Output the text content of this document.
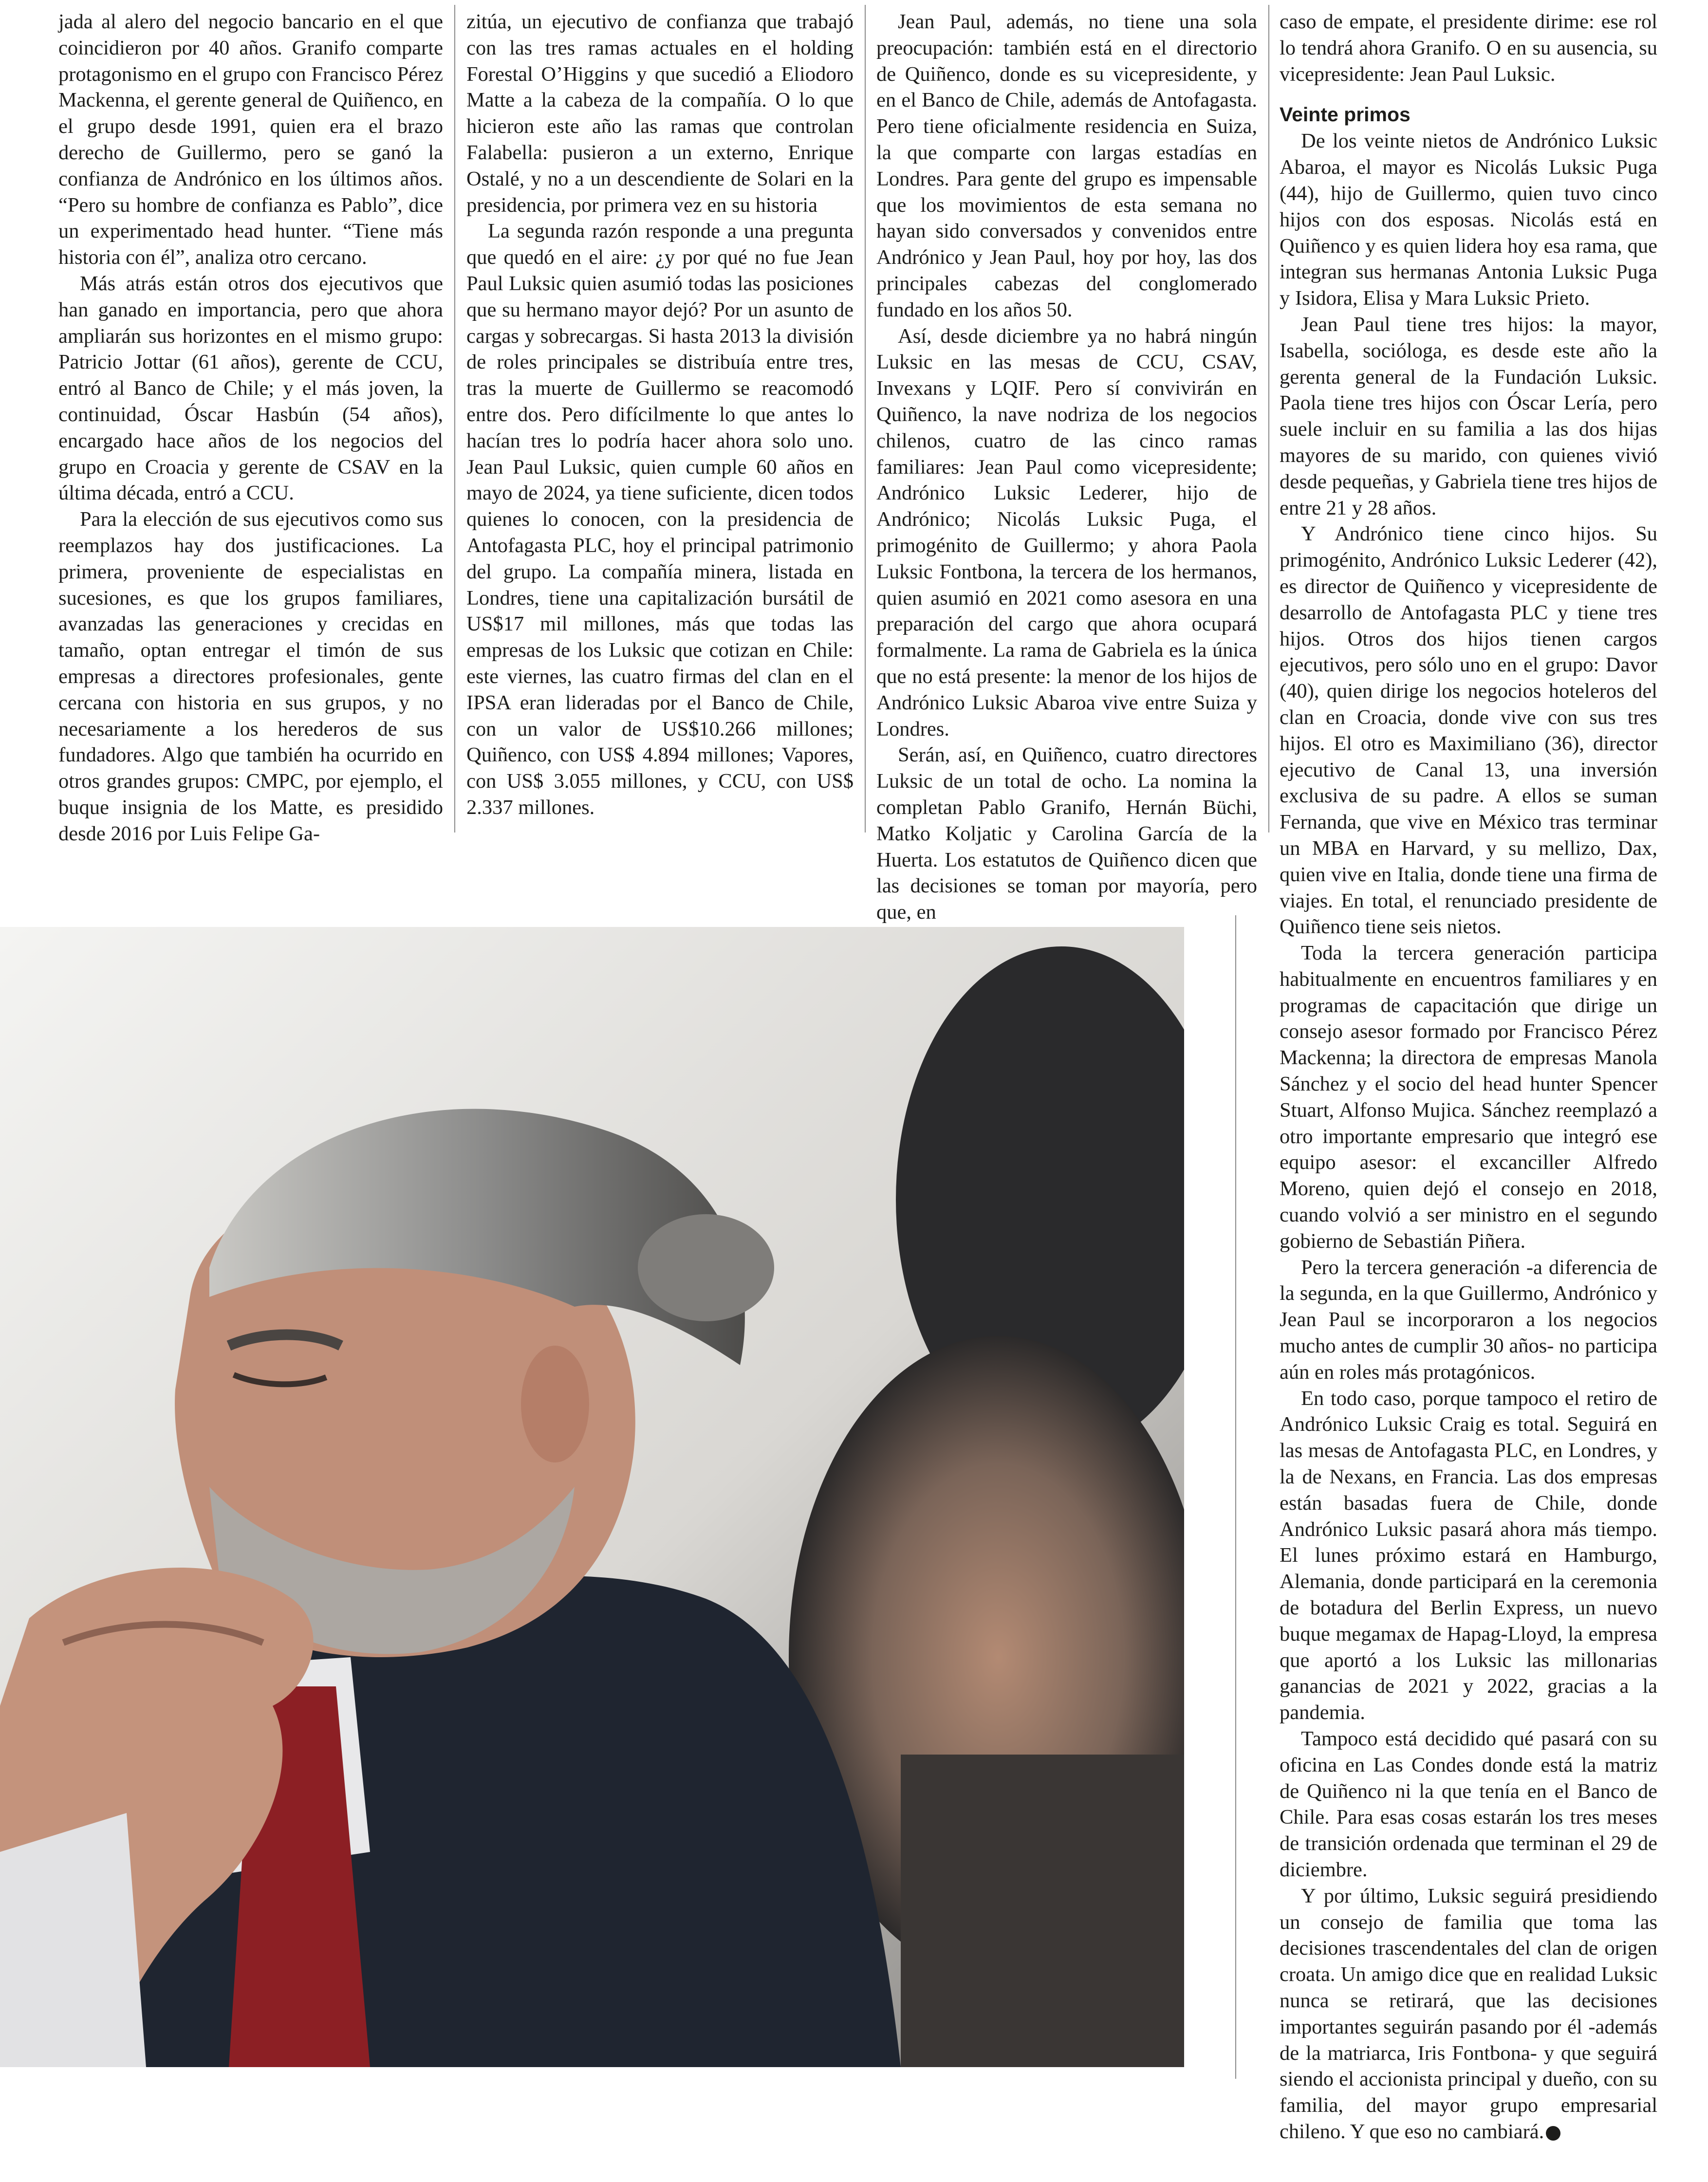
jada al alero del negocio bancario en el que coincidieron por 40 años. Granifo comparte protagonismo en el grupo con Francisco Pérez Mackenna, el gerente general de Quiñenco, en el grupo desde 1991, quien era el brazo derecho de Guillermo, pero se ganó la confianza de Andrónico en los últimos años. “Pero su hombre de confianza es Pablo”, dice un experimentado head hunter. “Tiene más historia con él”, analiza otro cercano.

Más atrás están otros dos ejecutivos que han ganado en importancia, pero que ahora ampliarán sus horizontes en el mismo grupo: Patricio Jottar (61 años), gerente de CCU, entró al Banco de Chile; y el más joven, la continuidad, Óscar Hasbún (54 años), encargado hace años de los negocios del grupo en Croacia y gerente de CSAV en la última década, entró a CCU.

Para la elección de sus ejecutivos como sus reemplazos hay dos justificaciones. La primera, proveniente de especialistas en sucesiones, es que los grupos familiares, avanzadas las generaciones y crecidas en tamaño, optan entregar el timón de sus empresas a directores profesionales, gente cercana con historia en sus grupos, y no necesariamente a los herederos de sus fundadores. Algo que también ha ocurrido en otros grandes grupos: CMPC, por ejemplo, el buque insignia de los Matte, es presidido desde 2016 por Luis Felipe Ga-

zitúa, un ejecutivo de confianza que trabajó con las tres ramas actuales en el holding Forestal O’Higgins y que sucedió a Eliodoro Matte a la cabeza de la compañía. O lo que hicieron este año las ramas que controlan Falabella: pusieron a un externo, Enrique Ostalé, y no a un descendiente de Solari en la presidencia, por primera vez en su historia

La segunda razón responde a una pregunta que quedó en el aire: ¿y por qué no fue Jean Paul Luksic quien asumió todas las posiciones que su hermano mayor dejó? Por un asunto de cargas y sobrecargas. Si hasta 2013 la división de roles principales se distribuía entre tres, tras la muerte de Guillermo se reacomodó entre dos. Pero difícilmente lo que antes lo hacían tres lo podría hacer ahora solo uno. Jean Paul Luksic, quien cumple 60 años en mayo de 2024, ya tiene suficiente, dicen todos quienes lo conocen, con la presidencia de Antofagasta PLC, hoy el principal patrimonio del grupo. La compañía minera, listada en Londres, tiene una capitalización bursátil de US$17 mil millones, más que todas las empresas de los Luksic que cotizan en Chile: este viernes, las cuatro firmas del clan en el IPSA eran lideradas por el Banco de Chile, con un valor de US$10.266 millones; Quiñenco, con US$ 4.894 millones; Vapores, con US$ 3.055 millones, y CCU, con US$ 2.337 millones.

Jean Paul, además, no tiene una sola preocupación: también está en el directorio de Quiñenco, donde es su vicepresidente, y en el Banco de Chile, además de Antofagasta. Pero tiene oficialmente residencia en Suiza, la que comparte con largas estadías en Londres. Para gente del grupo es impensable que los movimientos de esta semana no hayan sido conversados y convenidos entre Andrónico y Jean Paul, hoy por hoy, las dos principales cabezas del conglomerado fundado en los años 50.

Así, desde diciembre ya no habrá ningún Luksic en las mesas de CCU, CSAV, Invexans y LQIF. Pero sí convivirán en Quiñenco, la nave nodriza de los negocios chilenos, cuatro de las cinco ramas familiares: Jean Paul como vicepresidente; Andrónico Luksic Lederer, hijo de Andrónico; Nicolás Luksic Puga, el primogénito de Guillermo; y ahora Paola Luksic Fontbona, la tercera de los hermanos, quien asumió en 2021 como asesora en una preparación del cargo que ahora ocupará formalmente. La rama de Gabriela es la única que no está presente: la menor de los hijos de Andrónico Luksic Abaroa vive entre Suiza y Londres.

Serán, así, en Quiñenco, cuatro directores Luksic de un total de ocho. La nomina la completan Pablo Granifo, Hernán Büchi, Matko Koljatic y Carolina García de la Huerta. Los estatutos de Quiñenco dicen que las decisiones se toman por mayoría, pero que, en

caso de empate, el presidente dirime: ese rol lo tendrá ahora Granifo. O en su ausencia, su vicepresidente: Jean Paul Luksic.

Veinte primos

De los veinte nietos de Andrónico Luksic Abaroa, el mayor es Nicolás Luksic Puga (44), hijo de Guillermo, quien tuvo cinco hijos con dos esposas. Nicolás está en Quiñenco y es quien lidera hoy esa rama, que integran sus hermanas Antonia Luksic Puga y Isidora, Elisa y Mara Luksic Prieto.

Jean Paul tiene tres hijos: la mayor, Isabella, socióloga, es desde este año la gerenta general de la Fundación Luksic. Paola tiene tres hijos con Óscar Lería, pero suele incluir en su familia a las dos hijas mayores de su marido, con quienes vivió desde pequeñas, y Gabriela tiene tres hijos de entre 21 y 28 años.

Y Andrónico tiene cinco hijos. Su primogénito, Andrónico Luksic Lederer (42), es director de Quiñenco y vicepresidente de desarrollo de Antofagasta PLC y tiene tres hijos. Otros dos hijos tienen cargos ejecutivos, pero sólo uno en el grupo: Davor (40), quien dirige los negocios hoteleros del clan en Croacia, donde vive con sus tres hijos. El otro es Maximiliano (36), director ejecutivo de Canal 13, una inversión exclusiva de su padre. A ellos se suman Fernanda, que vive en México tras terminar un MBA en Harvard, y su mellizo, Dax, quien vive en Italia, donde tiene una firma de viajes. En total, el renunciado presidente de Quiñenco tiene seis nietos.

Toda la tercera generación participa habitualmente en encuentros familiares y en programas de capacitación que dirige un consejo asesor formado por Francisco Pérez Mackenna; la directora de empresas Manola Sánchez y el socio del head hunter Spencer Stuart, Alfonso Mujica. Sánchez reemplazó a otro importante empresario que integró ese equipo asesor: el excanciller Alfredo Moreno, quien dejó el consejo en 2018, cuando volvió a ser ministro en el segundo gobierno de Sebastián Piñera.

Pero la tercera generación -a diferencia de la segunda, en la que Guillermo, Andrónico y Jean Paul se incorporaron a los negocios mucho antes de cumplir 30 años- no participa aún en roles más protagónicos.

En todo caso, porque tampoco el retiro de Andrónico Luksic Craig es total. Seguirá en las mesas de Antofagasta PLC, en Londres, y la de Nexans, en Francia. Las dos empresas están basadas fuera de Chile, donde Andrónico Luksic pasará ahora más tiempo. El lunes próximo estará en Hamburgo, Alemania, donde participará en la ceremonia de botadura del Berlin Express, un nuevo buque megamax de Hapag-Lloyd, la empresa que aportó a los Luksic las millonarias ganancias de 2021 y 2022, gracias a la pandemia.

Tampoco está decidido qué pasará con su oficina en Las Condes donde está la matriz de Quiñenco ni la que tenía en el Banco de Chile. Para esas cosas estarán los tres meses de transición ordenada que terminan el 29 de diciembre.

Y por último, Luksic seguirá presidiendo un consejo de familia que toma las decisiones trascendentales del clan de origen croata. Un amigo dice que en realidad Luksic nunca se retirará, que las decisiones importantes seguirán pasando por él -además de la matriarca, Iris Fontbona- y que seguirá siendo el accionista principal y dueño, con su familia, del mayor grupo empresarial chileno. Y que eso no cambiará. P
